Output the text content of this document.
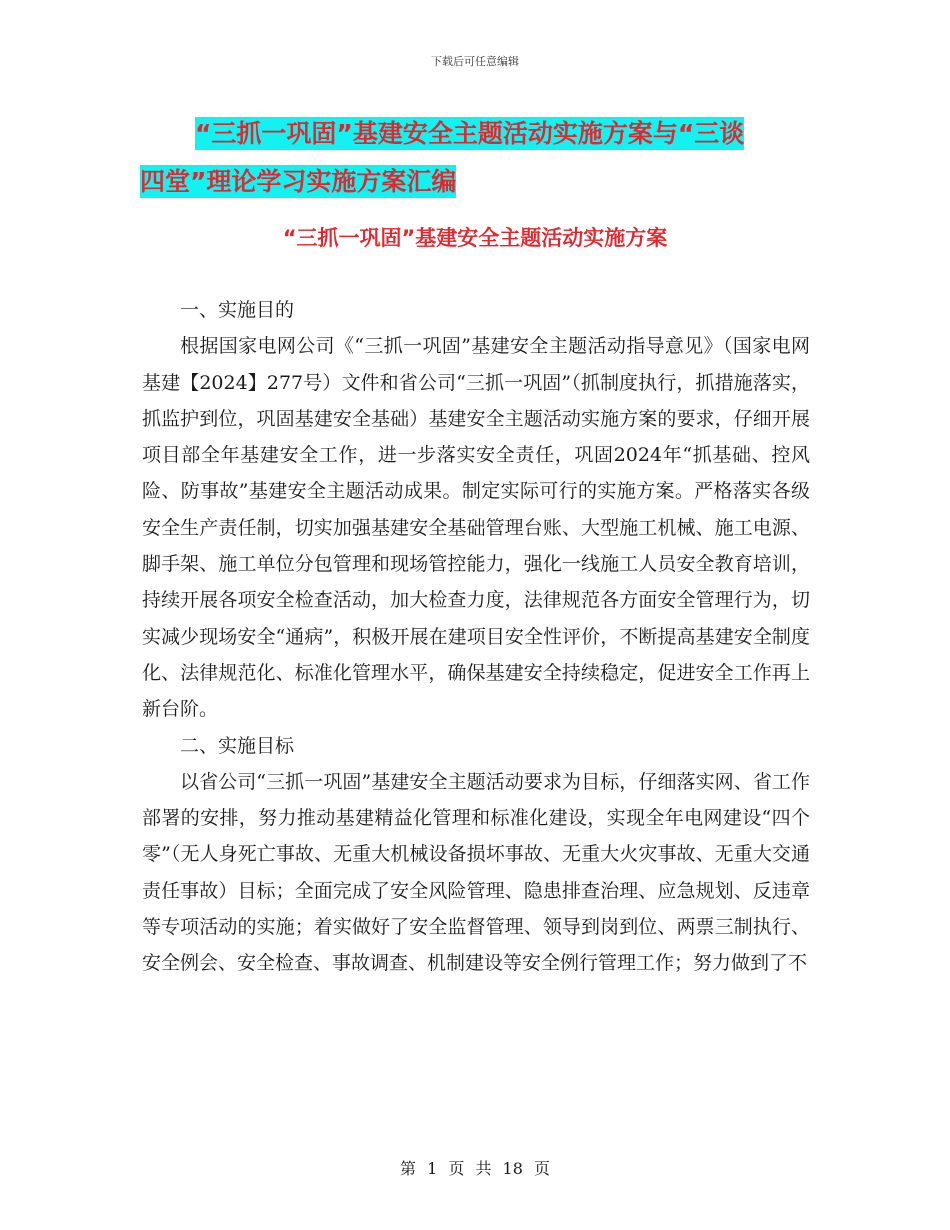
下载后可任意编辑
“三抓一巩固”基建安全主题活动实施方案与“三谈
四堂”理论学习实施方案汇编
“三抓一巩固”基建安全主题活动实施方案

一、实施目的

根据国家电网公司《“三抓一巩固”基建安全主题活动指导意见》（国家电网基建【2024】277号）文件和省公司“三抓一巩固”（抓制度执行，抓措施落实，抓监护到位，巩固基建安全基础）基建安全主题活动实施方案的要求，仔细开展项目部全年基建安全工作，进一步落实安全责任，巩固2024年“抓基础、控风险、防事故”基建安全主题活动成果。制定实际可行的实施方案。严格落实各级安全生产责任制，切实加强基建安全基础管理台账、大型施工机械、施工电源、脚手架、施工单位分包管理和现场管控能力，强化一线施工人员安全教育培训，持续开展各项安全检查活动，加大检查力度，法律规范各方面安全管理行为，切实减少现场安全“通病”，积极开展在建项目安全性评价，不断提高基建安全制度化、法律规范化、标准化管理水平，确保基建安全持续稳定，促进安全工作再上新台阶。

二、实施目标

以省公司“三抓一巩固”基建安全主题活动要求为目标，仔细落实网、省工作部署的安排，努力推动基建精益化管理和标准化建设，实现全年电网建设“四个零”（无人身死亡事故、无重大机械设备损坏事故、无重大火灾事故、无重大交通责任事故）目标；全面完成了安全风险管理、隐患排查治理、应急规划、反违章等专项活动的实施；着实做好了安全监督管理、领导到岗到位、两票三制执行、安全例会、安全检查、事故调查、机制建设等安全例行管理工作；努力做到了不

第 1 页 共 18 页
